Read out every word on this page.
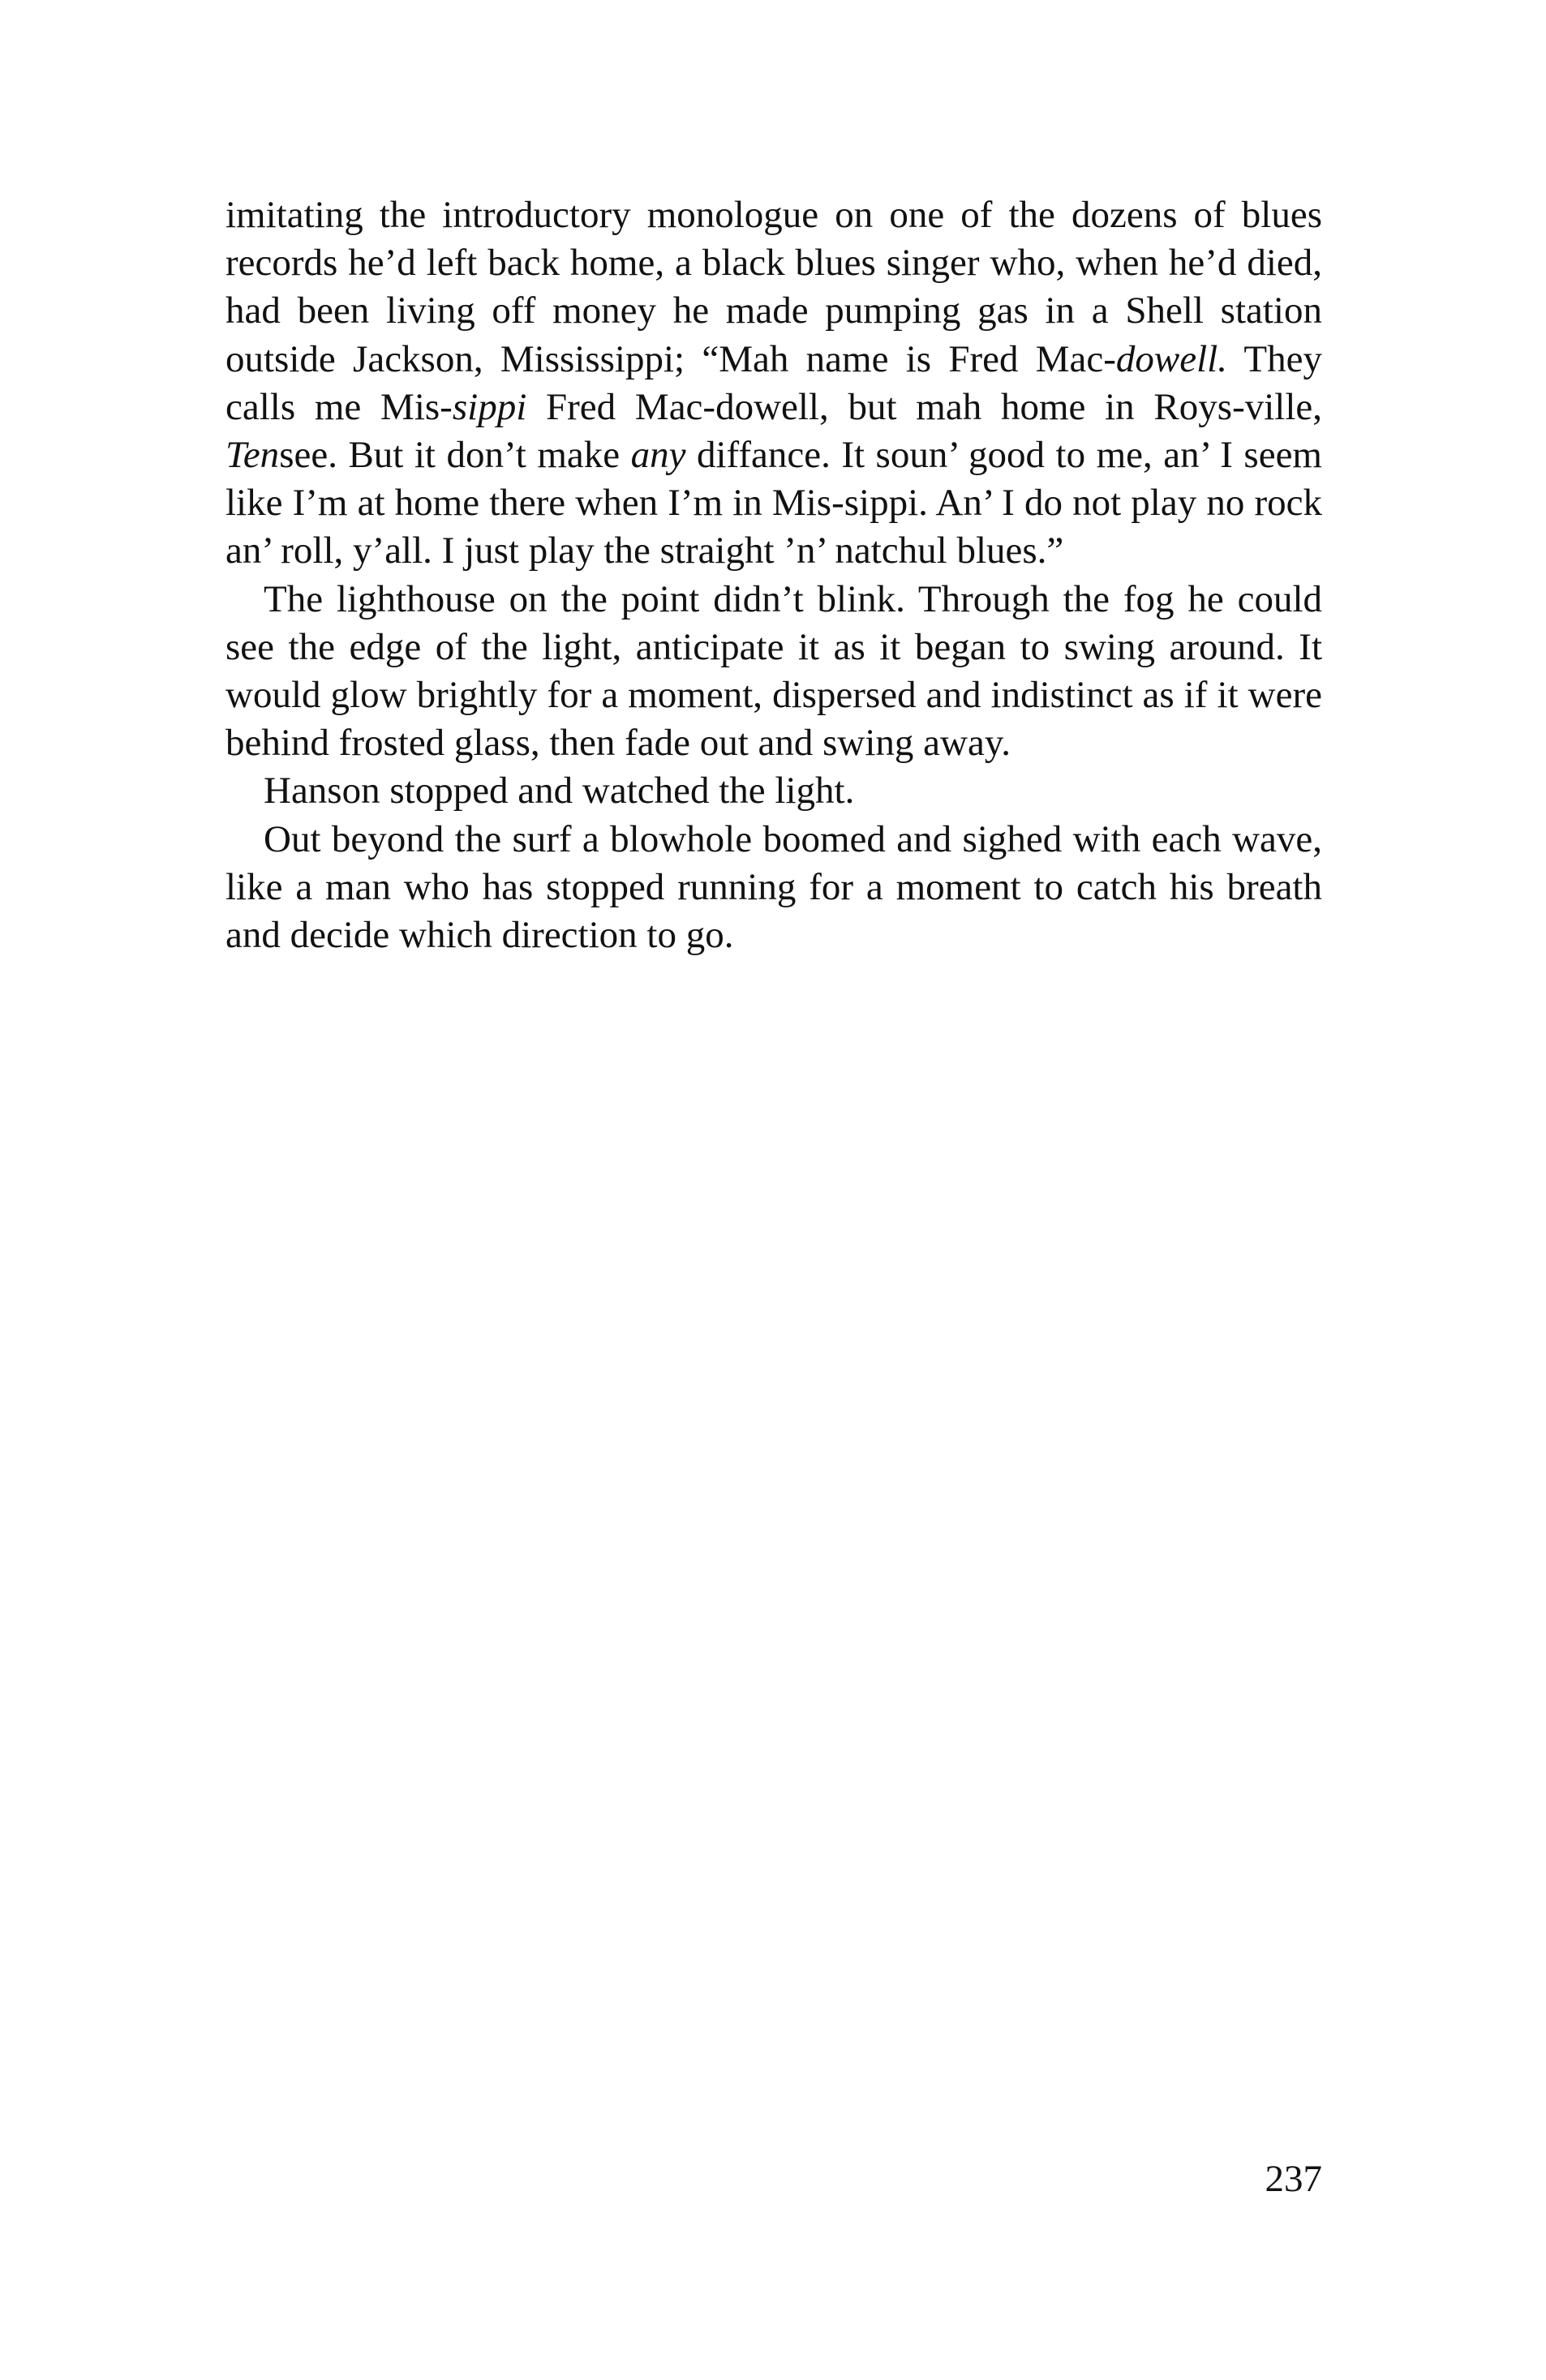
imitating the introductory monologue on one of the dozens of blues records he’d left back home, a black blues singer who, when he’d died, had been living off money he made pumping gas in a Shell station outside Jackson, Mississippi; “Mah name is Fred Mac-dowell. They calls me Mis-sippi Fred Mac-dowell, but mah home in Roys-ville, Tensee. But it don’t make any diffance. It soun’ good to me, an’ I seem like I’m at home there when I’m in Mis-sippi. An’ I do not play no rock an’ roll, y’all. I just play the straight ’n’ natchul blues.”

The lighthouse on the point didn’t blink. Through the fog he could see the edge of the light, anticipate it as it began to swing around. It would glow brightly for a moment, dispersed and indistinct as if it were behind frosted glass, then fade out and swing away.

Hanson stopped and watched the light.

Out beyond the surf a blowhole boomed and sighed with each wave, like a man who has stopped running for a moment to catch his breath and decide which direction to go.

237
